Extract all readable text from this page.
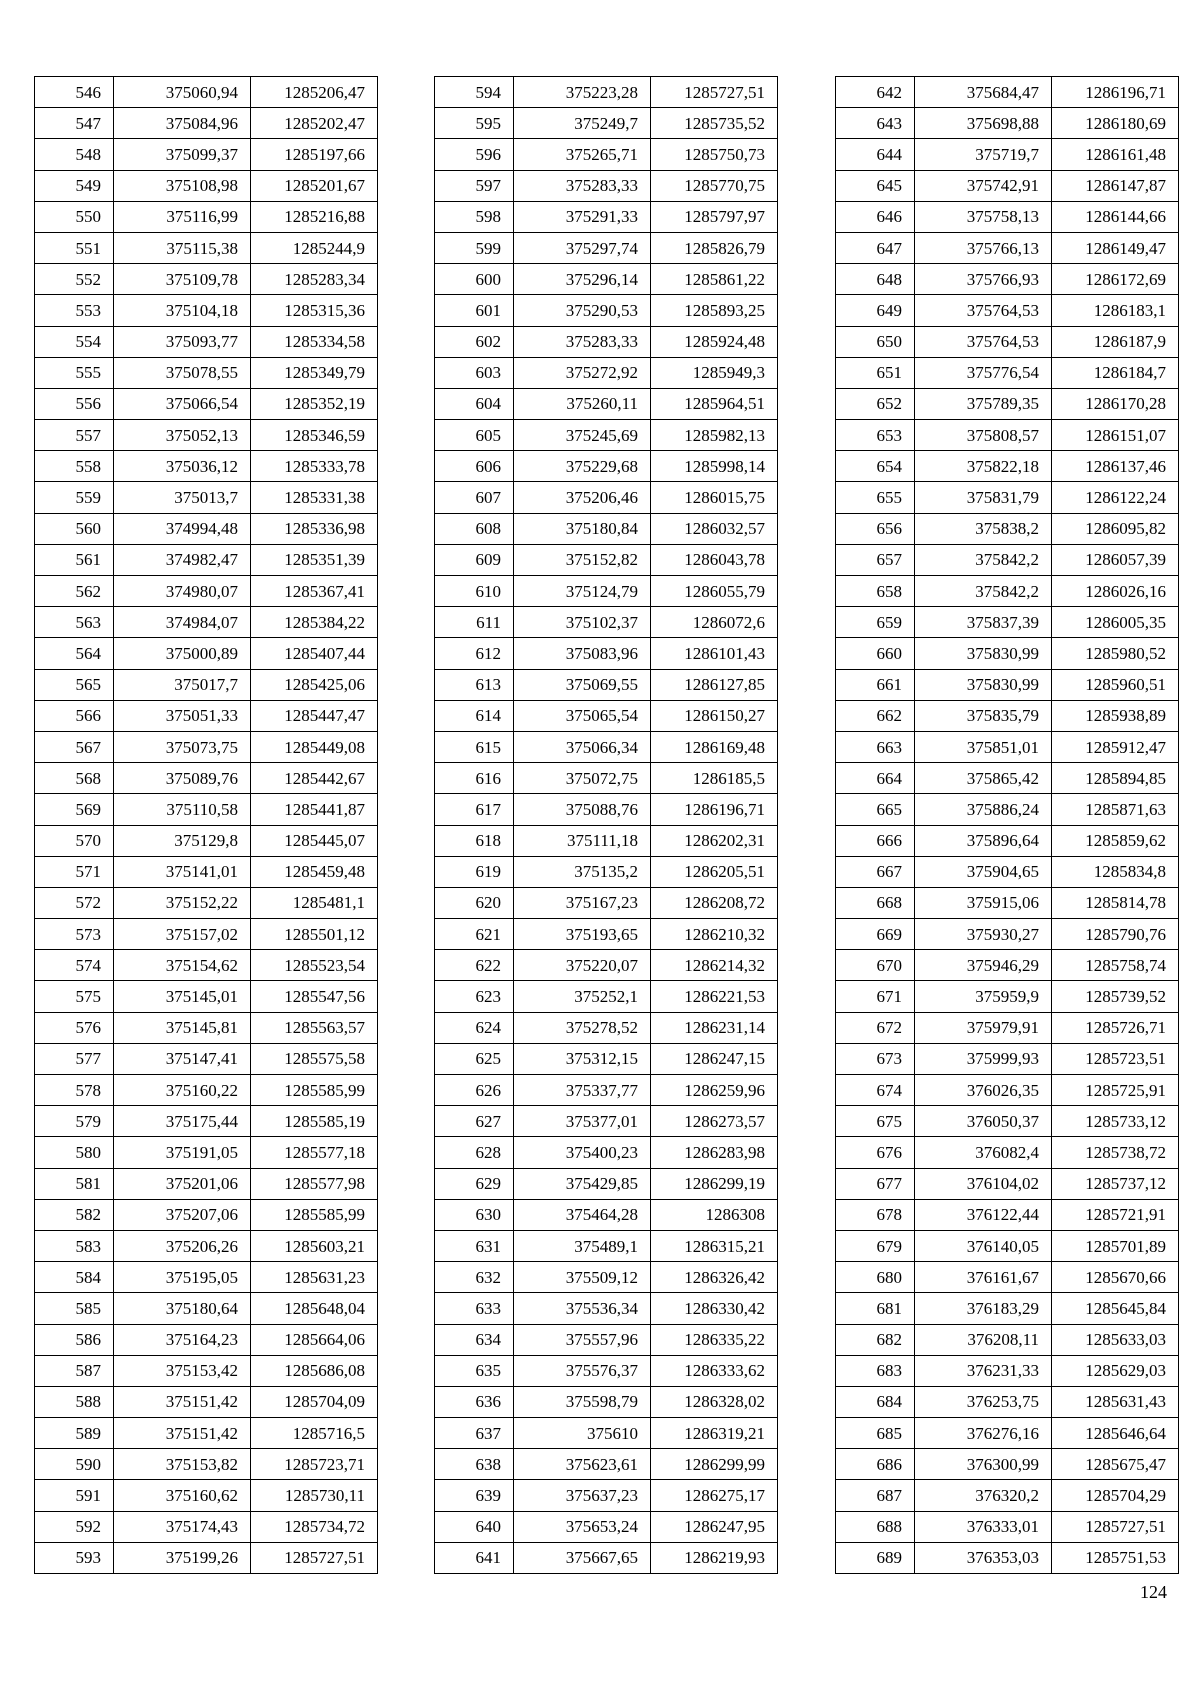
546	375060,94	1285206,47
547	375084,96	1285202,47
548	375099,37	1285197,66
549	375108,98	1285201,67
550	375116,99	1285216,88
551	375115,38	1285244,9
552	375109,78	1285283,34
553	375104,18	1285315,36
554	375093,77	1285334,58
555	375078,55	1285349,79
556	375066,54	1285352,19
557	375052,13	1285346,59
558	375036,12	1285333,78
559	375013,7	1285331,38
560	374994,48	1285336,98
561	374982,47	1285351,39
562	374980,07	1285367,41
563	374984,07	1285384,22
564	375000,89	1285407,44
565	375017,7	1285425,06
566	375051,33	1285447,47
567	375073,75	1285449,08
568	375089,76	1285442,67
569	375110,58	1285441,87
570	375129,8	1285445,07
571	375141,01	1285459,48
572	375152,22	1285481,1
573	375157,02	1285501,12
574	375154,62	1285523,54
575	375145,01	1285547,56
576	375145,81	1285563,57
577	375147,41	1285575,58
578	375160,22	1285585,99
579	375175,44	1285585,19
580	375191,05	1285577,18
581	375201,06	1285577,98
582	375207,06	1285585,99
583	375206,26	1285603,21
584	375195,05	1285631,23
585	375180,64	1285648,04
586	375164,23	1285664,06
587	375153,42	1285686,08
588	375151,42	1285704,09
589	375151,42	1285716,5
590	375153,82	1285723,71
591	375160,62	1285730,11
592	375174,43	1285734,72
593	375199,26	1285727,51
594	375223,28	1285727,51
595	375249,7	1285735,52
596	375265,71	1285750,73
597	375283,33	1285770,75
598	375291,33	1285797,97
599	375297,74	1285826,79
600	375296,14	1285861,22
601	375290,53	1285893,25
602	375283,33	1285924,48
603	375272,92	1285949,3
604	375260,11	1285964,51
605	375245,69	1285982,13
606	375229,68	1285998,14
607	375206,46	1286015,75
608	375180,84	1286032,57
609	375152,82	1286043,78
610	375124,79	1286055,79
611	375102,37	1286072,6
612	375083,96	1286101,43
613	375069,55	1286127,85
614	375065,54	1286150,27
615	375066,34	1286169,48
616	375072,75	1286185,5
617	375088,76	1286196,71
618	375111,18	1286202,31
619	375135,2	1286205,51
620	375167,23	1286208,72
621	375193,65	1286210,32
622	375220,07	1286214,32
623	375252,1	1286221,53
624	375278,52	1286231,14
625	375312,15	1286247,15
626	375337,77	1286259,96
627	375377,01	1286273,57
628	375400,23	1286283,98
629	375429,85	1286299,19
630	375464,28	1286308
631	375489,1	1286315,21
632	375509,12	1286326,42
633	375536,34	1286330,42
634	375557,96	1286335,22
635	375576,37	1286333,62
636	375598,79	1286328,02
637	375610	1286319,21
638	375623,61	1286299,99
639	375637,23	1286275,17
640	375653,24	1286247,95
641	375667,65	1286219,93
642	375684,47	1286196,71
643	375698,88	1286180,69
644	375719,7	1286161,48
645	375742,91	1286147,87
646	375758,13	1286144,66
647	375766,13	1286149,47
648	375766,93	1286172,69
649	375764,53	1286183,1
650	375764,53	1286187,9
651	375776,54	1286184,7
652	375789,35	1286170,28
653	375808,57	1286151,07
654	375822,18	1286137,46
655	375831,79	1286122,24
656	375838,2	1286095,82
657	375842,2	1286057,39
658	375842,2	1286026,16
659	375837,39	1286005,35
660	375830,99	1285980,52
661	375830,99	1285960,51
662	375835,79	1285938,89
663	375851,01	1285912,47
664	375865,42	1285894,85
665	375886,24	1285871,63
666	375896,64	1285859,62
667	375904,65	1285834,8
668	375915,06	1285814,78
669	375930,27	1285790,76
670	375946,29	1285758,74
671	375959,9	1285739,52
672	375979,91	1285726,71
673	375999,93	1285723,51
674	376026,35	1285725,91
675	376050,37	1285733,12
676	376082,4	1285738,72
677	376104,02	1285737,12
678	376122,44	1285721,91
679	376140,05	1285701,89
680	376161,67	1285670,66
681	376183,29	1285645,84
682	376208,11	1285633,03
683	376231,33	1285629,03
684	376253,75	1285631,43
685	376276,16	1285646,64
686	376300,99	1285675,47
687	376320,2	1285704,29
688	376333,01	1285727,51
689	376353,03	1285751,53
124
